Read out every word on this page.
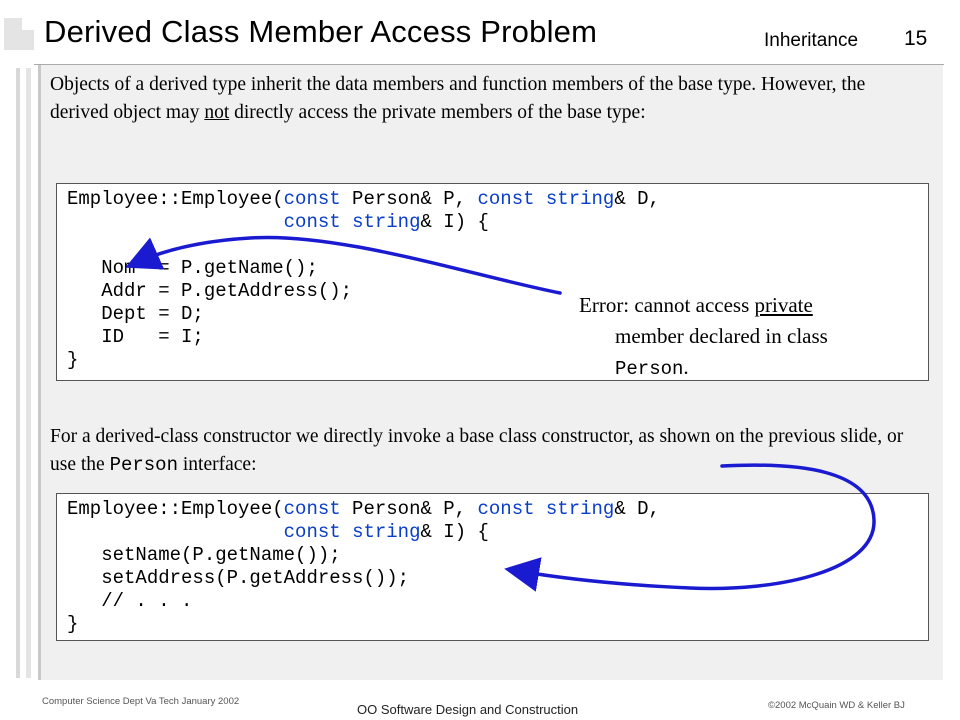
Derived Class Member Access Problem	Inheritance 15
Objects of a derived type inherit the data members and function members of the base type. However, the derived object may not directly access the private members of the base type:
Employee::Employee(const Person& P, const string& D,
const string& I) {

Nom  = P.getName();
Addr = P.getAddress();
Dept = D;
ID   = I;
}
Error: cannot access private
member declared in class
Person.
For a derived-class constructor we directly invoke a base class constructor, as shown on the previous slide, or use the Person interface:
Employee::Employee(const Person& P, const string& D,
const string& I) {
setName(P.getName());
setAddress(P.getAddress());
// . . .
}
Computer Science Dept Va Tech January 2002
OO Software Design and Construction	©2002 McQuain WD & Keller BJ
